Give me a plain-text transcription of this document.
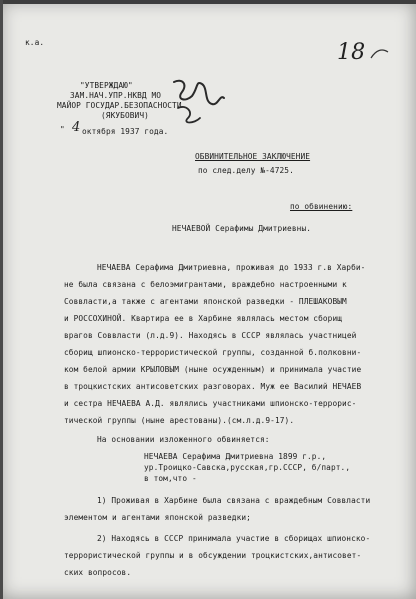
к.а.	18
"УТВЕРЖДАЮ"
ЗАМ.НАЧ.УПР.НКВД МО
МАЙОР ГОСУДАР.БЕЗОПАСНОСТИ
(ЯКУБОВИЧ)
" 4 октября 1937 года.
ОБВИНИТЕЛЬНОЕ ЗАКЛЮЧЕНИЕ
по след.делу №-4725.
по обвинению:
НЕЧАЕВОЙ Серафимы Дмитриевны.
НЕЧАЕВА Серафима Дмитриевна, проживая до 1933 г.в Харби-
не была связана с белоэмигрантами, враждебно настроенными к
Соввласти,а также с агентами японской разведки - ПЛЕШАКОВЫМ
и РОССОХИНОЙ. Квартира ее в Харбине являлась местом сборищ
врагов Соввласти (л.д.9). Находясь в СССР являлась участницей
сборищ шпионско-террористической группы, созданной б.полковни-
ком белой армии КРЫЛОВЫМ (ныне осужденным) и принимала участие
в троцкистских антисоветских разговорах. Муж ее Василий НЕЧАЕВ
и сестра НЕЧАЕВА А.Д. являлись участниками шпионско-террорис-
тической группы (ныне арестованы).(см.л.д.9-17).
На основании изложенного обвиняется:
НЕЧАЕВА Серафима Дмитриевна 1899 г.р.,
ур.Троицко-Савска,русская,гр.СССР, б/парт.,
в том,что -
1) Проживая в Харбине была связана с враждебным Соввласти
элементом и агентами японской разведки;
2) Находясь в СССР принимала участие в сборищах шпионско-
террористической группы и в обсуждении троцкистских,антисовет-
ских вопросов.
